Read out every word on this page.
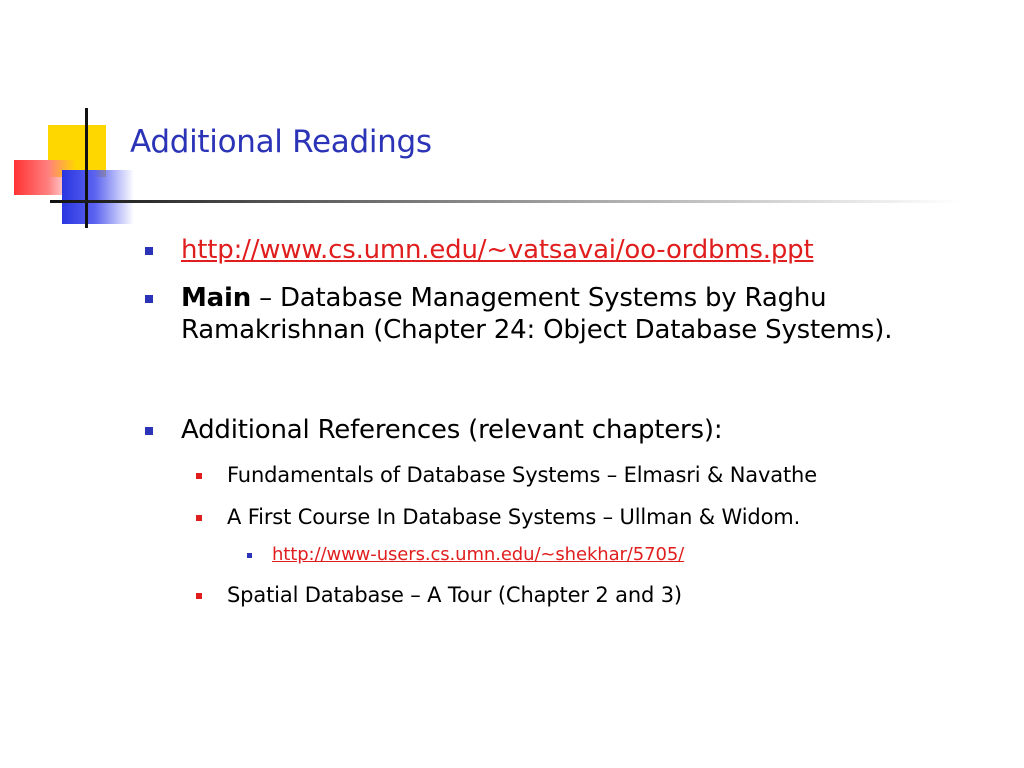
Additional Readings
http://www.cs.umn.edu/~vatsavai/oo-ordbms.ppt
Main – Database Management Systems by Raghu Ramakrishnan (Chapter 24: Object Database Systems).
Additional References (relevant chapters):
Fundamentals of Database Systems – Elmasri & Navathe
A First Course In Database Systems – Ullman & Widom.
http://www-users.cs.umn.edu/~shekhar/5705/
Spatial Database – A Tour (Chapter 2 and 3)
